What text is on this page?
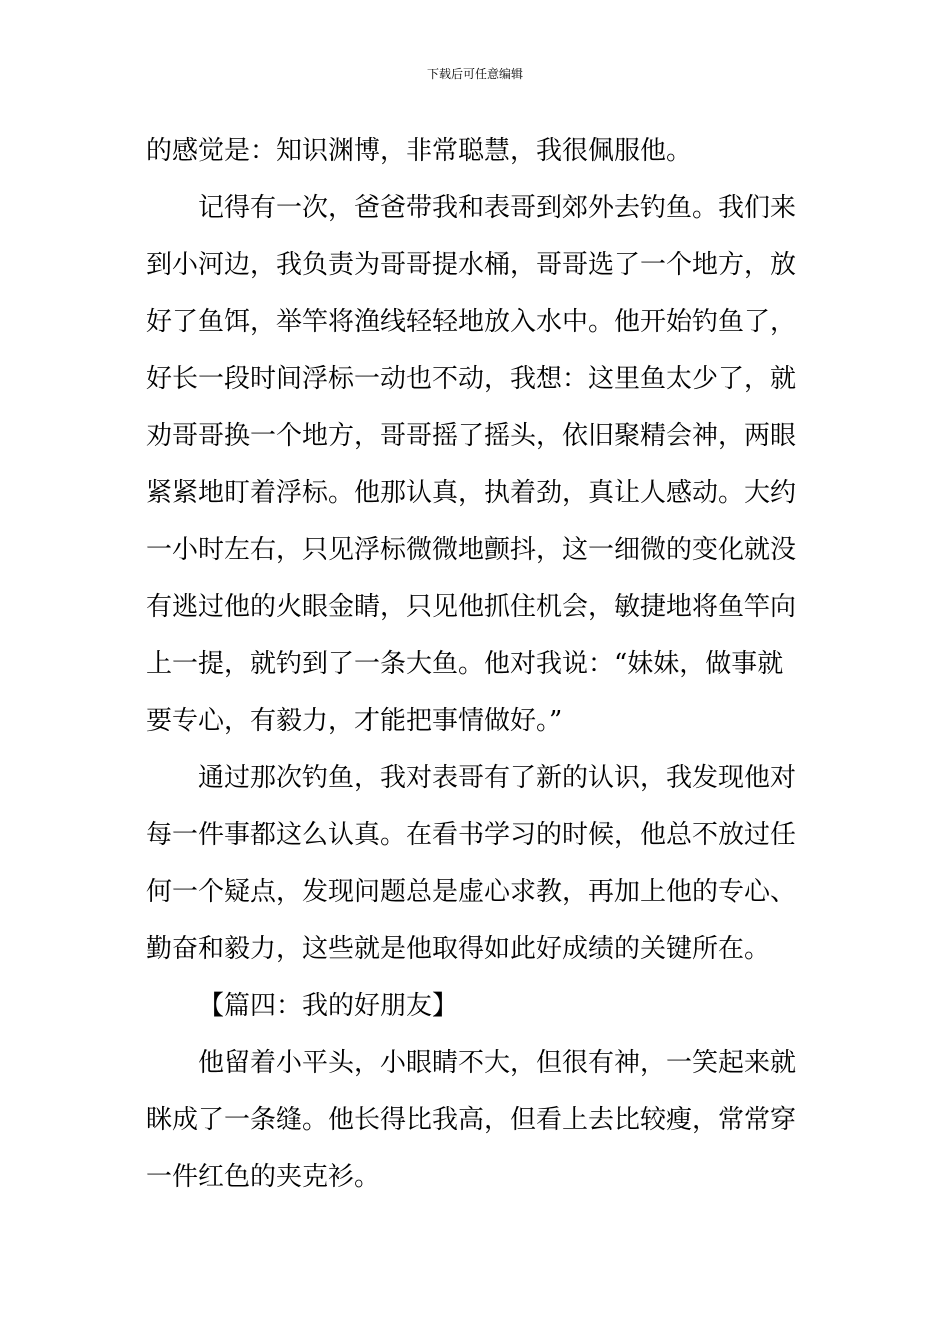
下载后可任意编辑
的感觉是：知识渊博，非常聪慧，我很佩服他。
记得有一次，爸爸带我和表哥到郊外去钓鱼。我们来
到小河边，我负责为哥哥提水桶，哥哥选了一个地方，放
好了鱼饵，举竿将渔线轻轻地放入水中。他开始钓鱼了，
好长一段时间浮标一动也不动，我想：这里鱼太少了，就
劝哥哥换一个地方，哥哥摇了摇头，依旧聚精会神，两眼
紧紧地盯着浮标。他那认真，执着劲，真让人感动。大约
一小时左右，只见浮标微微地颤抖，这一细微的变化就没
有逃过他的火眼金睛，只见他抓住机会，敏捷地将鱼竿向
上一提，就钓到了一条大鱼。他对我说：“妹妹，做事就
要专心，有毅力，才能把事情做好。”
通过那次钓鱼，我对表哥有了新的认识，我发现他对
每一件事都这么认真。在看书学习的时候，他总不放过任
何一个疑点，发现问题总是虚心求教，再加上他的专心、
勤奋和毅力，这些就是他取得如此好成绩的关键所在。
【篇四：我的好朋友】
他留着小平头，小眼睛不大，但很有神，一笑起来就
眯成了一条缝。他长得比我高，但看上去比较瘦，常常穿
一件红色的夹克衫。
